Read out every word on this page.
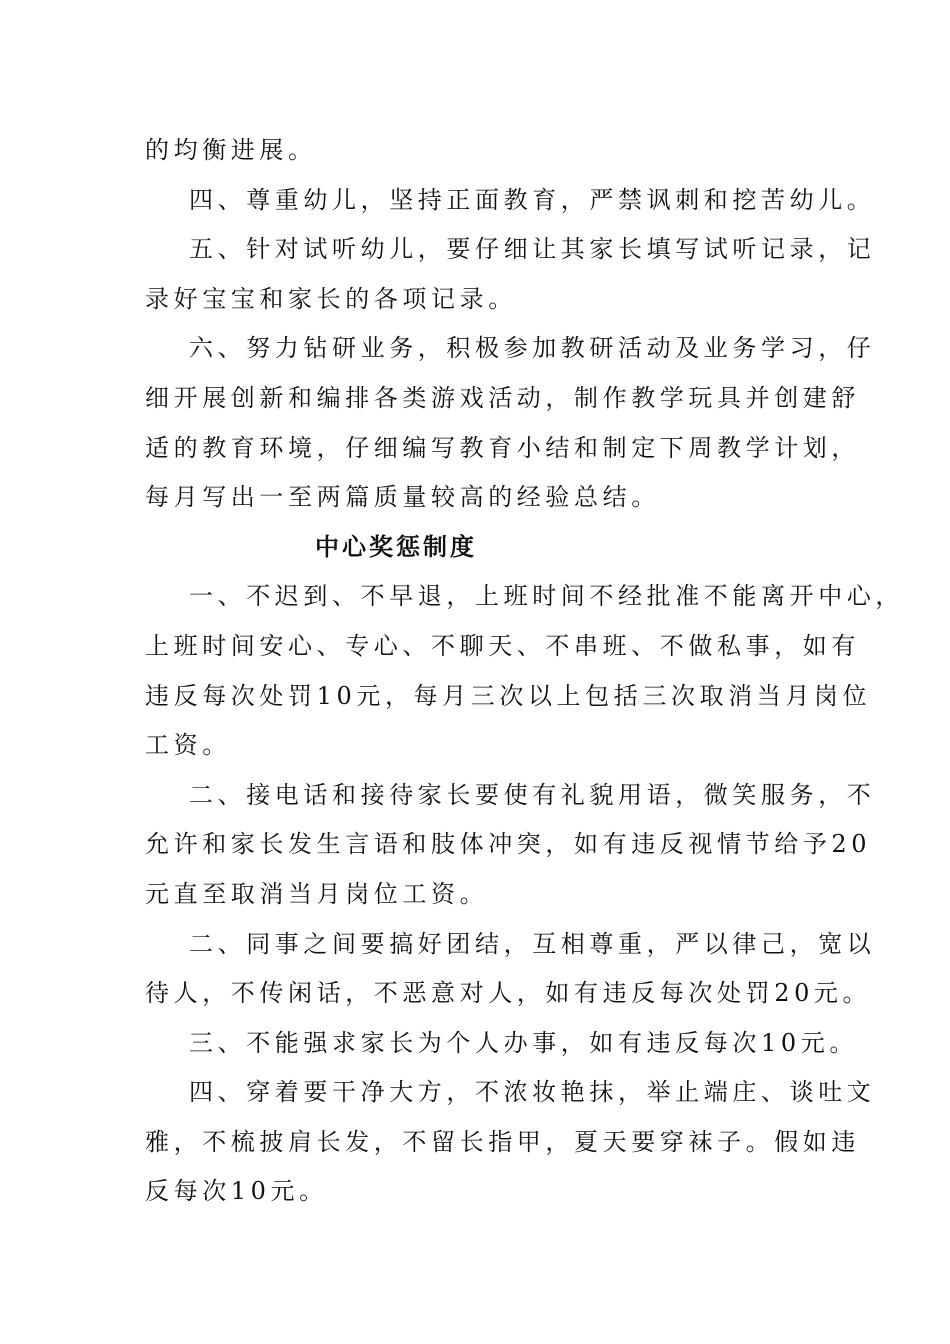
的均衡进展。
四、尊重幼儿，坚持正面教育，严禁讽刺和挖苦幼儿。
五、针对试听幼儿，要仔细让其家长填写试听记录，记
录好宝宝和家长的各项记录。
六、努力钻研业务，积极参加教研活动及业务学习，仔
细开展创新和编排各类游戏活动，制作教学玩具并创建舒
适的教育环境，仔细编写教育小结和制定下周教学计划，
每月写出一至两篇质量较高的经验总结。
中心奖惩制度
一、不迟到、不早退，上班时间不经批准不能离开中心，
上班时间安心、专心、不聊天、不串班、不做私事，如有
违反每次处罚10元，每月三次以上包括三次取消当月岗位
工资。
二、接电话和接待家长要使有礼貌用语，微笑服务，不
允许和家长发生言语和肢体冲突，如有违反视情节给予20
元直至取消当月岗位工资。
二、同事之间要搞好团结，互相尊重，严以律己，宽以
待人，不传闲话，不恶意对人，如有违反每次处罚20元。
三、不能强求家长为个人办事，如有违反每次10元。
四、穿着要干净大方，不浓妆艳抹，举止端庄、谈吐文
雅，不梳披肩长发，不留长指甲，夏天要穿袜子。假如违
反每次10元。
